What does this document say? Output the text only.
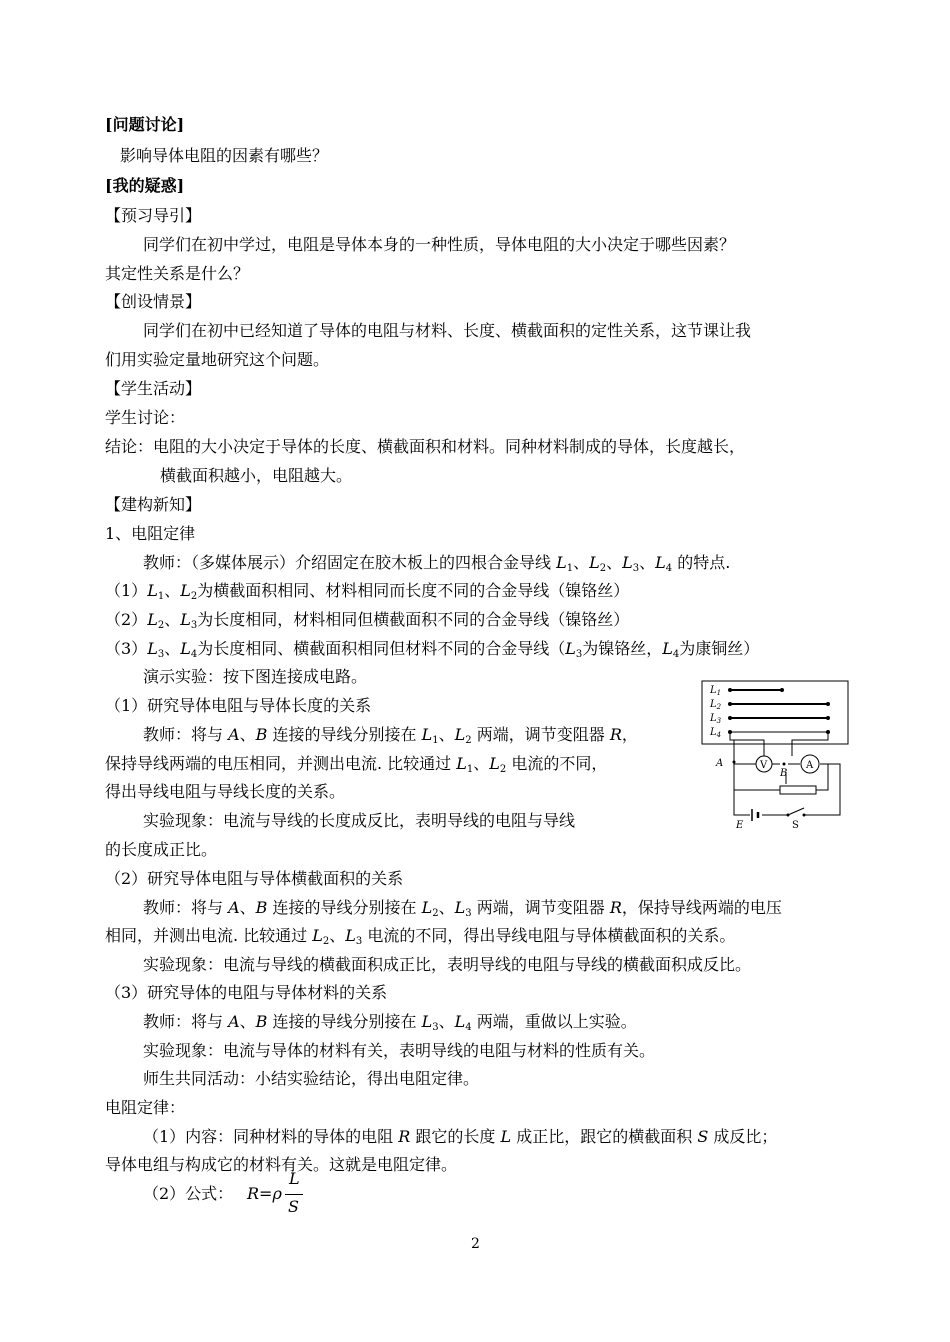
[问题讨论]
影响导体电阻的因素有哪些？
[我的疑惑]
【预习导引】
同学们在初中学过，电阻是导体本身的一种性质，导体电阻的大小决定于哪些因素？
其定性关系是什么？
【创设情景】
同学们在初中已经知道了导体的电阻与材料、长度、横截面积的定性关系，这节课让我
们用实验定量地研究这个问题。
【学生活动】
学生讨论：
结论：电阻的大小决定于导体的长度、横截面积和材料。同种材料制成的导体，长度越长，
横截面积越小，电阻越大。
【建构新知】
1、电阻定律
教师：（多媒体展示）介绍固定在胶木板上的四根合金导线 $L_1$、$L_2$、$L_3$、$L_4$ 的特点.
$(1)L_1$、$L_2$为横截面积相同、材料相同而长度不同的合金导线（镍铬丝）
$(2)L_2$、$L_3$为长度相同，材料相同但横截面积不同的合金导线（镍铬丝）
$(3)L_3$、$L_4$为长度相同、横截面积相同但材料不同的合金导线（$L_3$为镍铬丝，$L_4$为康铜丝）
演示实验：按下图连接成电路。
（1）研究导体电阻与导体长度的关系
教师：将与 A、B 连接的导线分别接在 $L_1$、$L_2$ 两端，调节变阻器 R，
保持导线两端的电压相同，并测出电流. 比较通过 $L_1$、$L_2$ 电流的不同，
得出导线电阻与导线长度的关系。
实验现象：电流与导线的长度成反比，表明导线的电阻与导线
的长度成正比。
（2）研究导体电阻与导体横截面积的关系
教师：将与 A、B 连接的导线分别接在 $L_2$、$L_3$ 两端，调节变阻器 R，保持导线两端的电压
相同，并测出电流. 比较通过 $L_2$、$L_3$ 电流的不同，得出导线电阻与导体横截面积的关系。
实验现象：电流与导线的横截面积成正比，表明导线的电阻与导线的横截面积成反比。
（3）研究导体的电阻与导体材料的关系
教师：将与 A、B 连接的导线分别接在 $L_3$、$L_4$ 两端，重做以上实验。
实验现象：电流与导体的材料有关，表明导线的电阻与材料的性质有关。
师生共同活动：小结实验结论，得出电阻定律。
电阻定律：
（1）内容：同种材料的导体的电阻 R 跟它的长度 L 成正比，跟它的横截面积 S 成反比；
导体电组与构成它的材料有关。这就是电阻定律。
（2）公式： R=ρ
L
S
$L_1$
$L_2$
$L_3$
$L_4$
V	A
A
B
E	S
2
